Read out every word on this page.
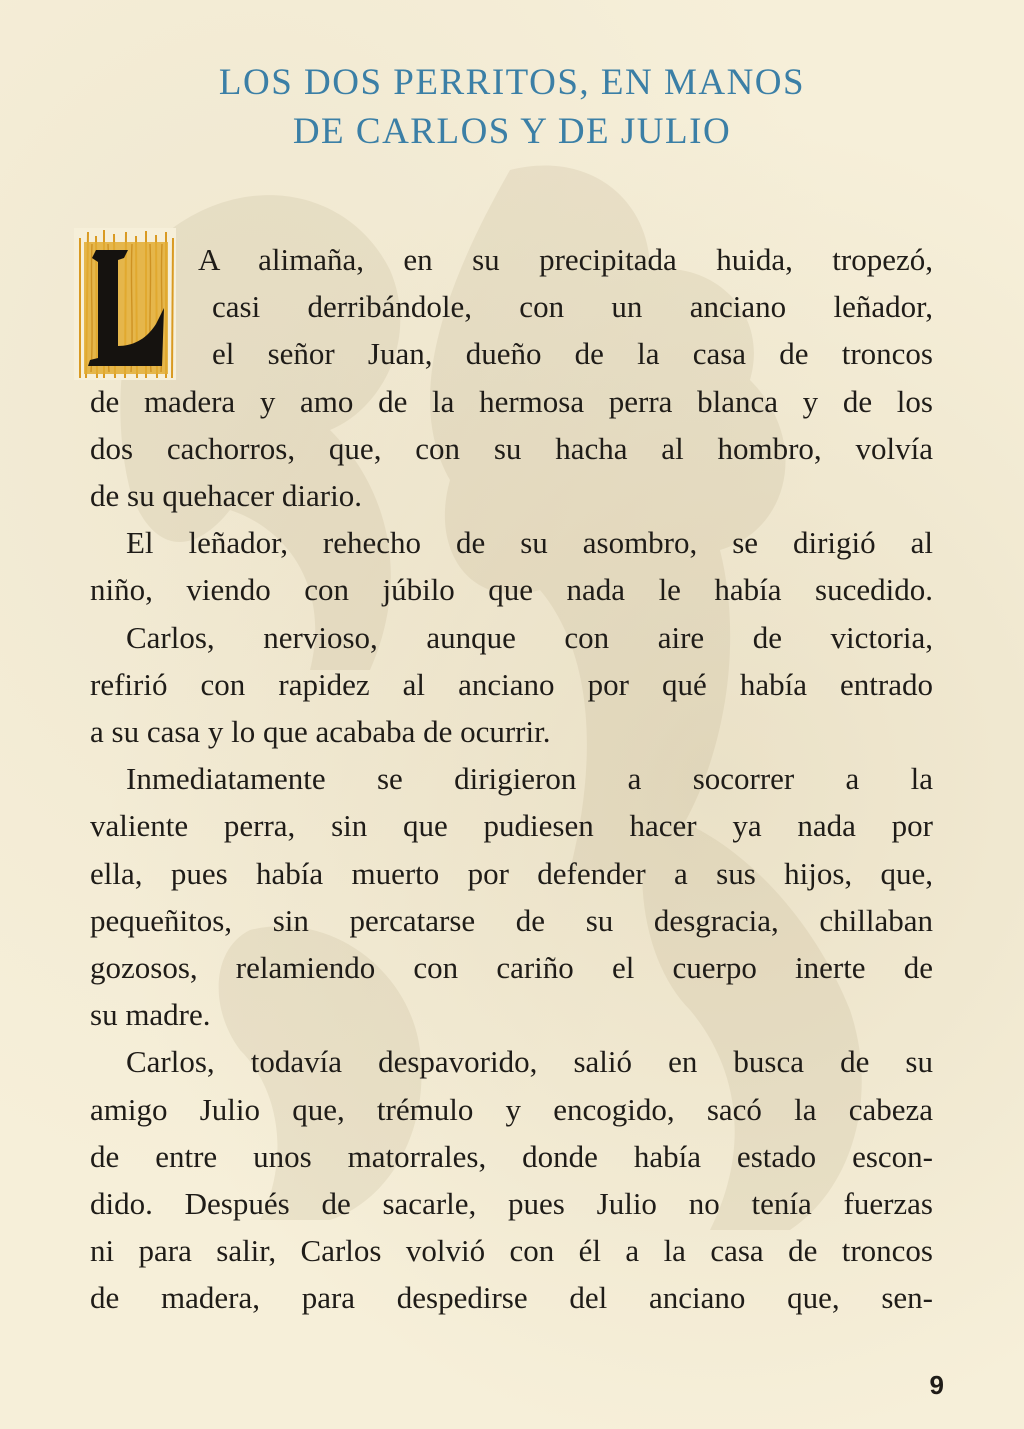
LOS DOS PERRITOS, EN MANOS
DE CARLOS Y DE JULIO
A alimaña, en su precipitada huida, tropezó,
casi derribándole, con un anciano leñador,
el señor Juan, dueño de la casa de troncos
de madera y amo de la hermosa perra blanca y de los
dos cachorros, que, con su hacha al hombro, volvía
de su quehacer diario.
El leñador, rehecho de su asombro, se dirigió al
niño, viendo con júbilo que nada le había sucedido.
Carlos, nervioso, aunque con aire de victoria,
refirió con rapidez al anciano por qué había entrado
a su casa y lo que acababa de ocurrir.
Inmediatamente se dirigieron a socorrer a la
valiente perra, sin que pudiesen hacer ya nada por
ella, pues había muerto por defender a sus hijos, que,
pequeñitos, sin percatarse de su desgracia, chillaban
gozosos, relamiendo con cariño el cuerpo inerte de
su madre.
Carlos, todavía despavorido, salió en busca de su
amigo Julio que, trémulo y encogido, sacó la cabeza
de entre unos matorrales, donde había estado escon-
dido. Después de sacarle, pues Julio no tenía fuerzas
ni para salir, Carlos volvió con él a la casa de troncos
de madera, para despedirse del anciano que, sen-
9
